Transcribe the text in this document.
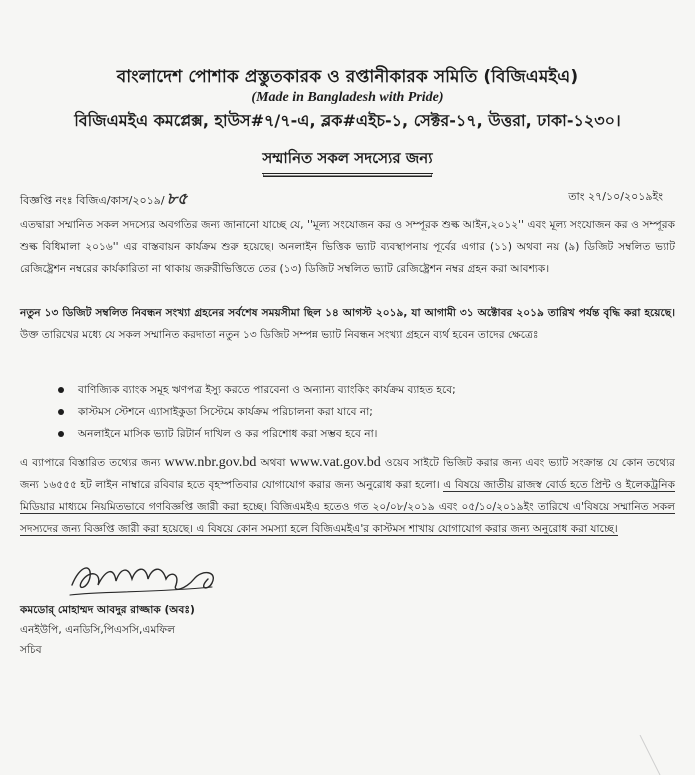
বাংলাদেশ পোশাক প্রস্তুতকারক ও রপ্তানীকারক সমিতি (বিজিএমইএ)
(Made in Bangladesh with Pride)
বিজিএমইএ কমপ্লেক্স, হাউস#৭/৭-এ, ব্লক#এইচ-১, সেক্টর-১৭, উত্তরা, ঢাকা-১২৩০।
সম্মানিত সকল সদস্যের জন্য
বিজ্ঞপ্তি নংঃ বিজিএ/কাস/২০১৯/ ৮৫	তাং ২৭/১০/২০১৯ইং
এতদ্বারা সম্মানিত সকল সদস্যের অবগতির জন্য জানানো যাচ্ছে যে, ''মূল্য সংযোজন কর ও সম্পূরক শুল্ক আইন,২০১২'' এবং মূল্য সংযোজন কর ও সম্পূরক শুল্ক বিধিমালা ২০১৬'' এর বাস্তবায়ন কার্যক্রম শুরু হয়েছে। অনলাইন ভিত্তিক ভ্যাট ব্যবস্থাপনায় পূর্বের এগার (১১) অথবা নয় (৯) ডিজিট সম্বলিত ভ্যাট রেজিষ্ট্রেশন নম্বরের কার্যকারিতা না থাকায় জরুরীভিত্তিতে তের (১৩) ডিজিট সম্বলিত ভ্যাট রেজিষ্ট্রেশন নম্বর গ্রহন করা আবশ্যক।
নতুন ১৩ ডিজিট সম্বলিত নিবন্ধন সংখ্যা গ্রহনের সর্বশেষ সময়সীমা ছিল ১৪ আগস্ট ২০১৯, যা আগামী ৩১ অক্টোবর ২০১৯ তারিখ পর্যন্ত বৃদ্ধি করা হয়েছে। উক্ত তারিখের মধ্যে যে সকল সম্মানিত করদাতা নতুন ১৩ ডিজিট সম্পন্ন ভ্যাট নিবন্ধন সংখ্যা গ্রহনে ব্যর্থ হবেন তাদের ক্ষেত্রেঃ
বাণিজ্যিক ব্যাংক সমূহ ঋণপত্র ইস্যু করতে পারবেনা ও অন্যান্য ব্যাংকিং কার্যক্রম ব্যাহত হবে;
কাস্টমস স্টেশনে এ্যাসাইকুডা সিস্টেমে কার্যক্রম পরিচালনা করা যাবে না;
অনলাইনে মাসিক ভ্যাট রিটার্ন দাখিল ও কর পরিশোধ করা সম্ভব হবে না।
এ ব্যাপারে বিস্তারিত তথ্যের জন্য www.nbr.gov.bd অথবা www.vat.gov.bd ওয়েব সাইটে ভিজিট করার জন্য এবং ভ্যাট সংক্রান্ত যে কোন তথ্যের জন্য ১৬৫৫৫ হট লাইন নাম্বারে রবিবার হতে বৃহস্পতিবার যোগাযোগ করার জন্য অনুরোধ করা হলো। এ বিষয়ে জাতীয় রাজস্ব বোর্ড হতে প্রিন্ট ও ইলেকট্রনিক মিডিয়ার মাধ্যমে নিয়মিতভাবে গণবিজ্ঞপ্তি জারী করা হচ্ছে। বিজিএমইএ হতেও গত ২০/০৮/২০১৯ এবং ০৫/১০/২০১৯ইং তারিখে এ'বিষয়ে সম্মানিত সকল সদস্যদের জন্য বিজ্ঞপ্তি জারী করা হয়েছে। এ বিষয়ে কোন সমস্যা হলে বিজিএমইএ'র কাস্টমস শাখায় যোগাযোগ করার জন্য অনুরোধ করা যাচ্ছে।
কমডোর্ মোহাম্মদ আবদুর রাজ্জাক (অবঃ)
এনইউপি, এনডিসি,পিএসসি,এমফিল
সচিব
